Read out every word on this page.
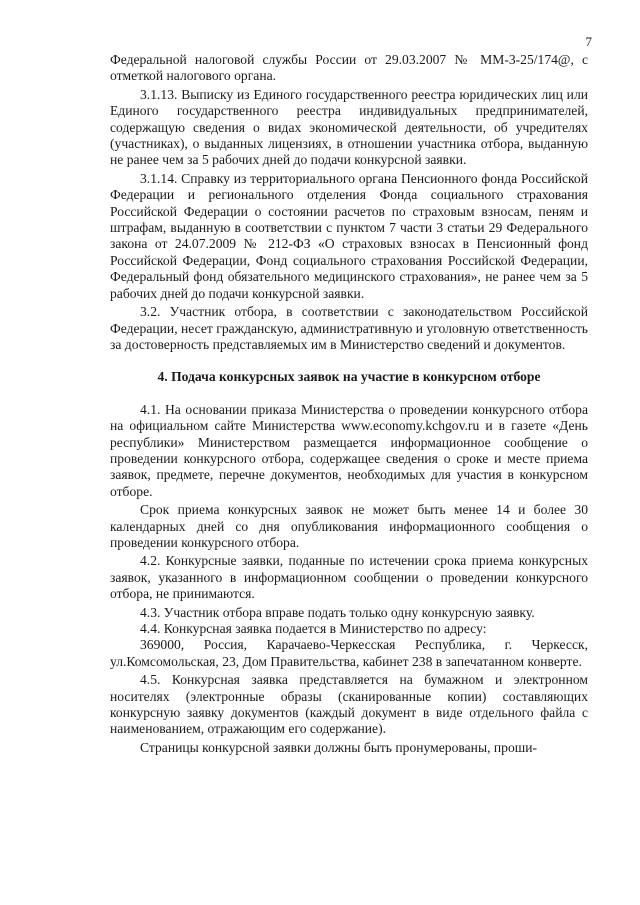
7

Федеральной налоговой службы России от 29.03.2007 № ММ-3-25/174@, с отметкой налогового органа.

3.1.13. Выписку из Единого государственного реестра юридических лиц или Единого государственного реестра индивидуальных предпринимателей, содержащую сведения о видах экономической деятельности, об учредителях (участниках), о выданных лицензиях, в отношении участника отбора, выданную не ранее чем за 5 рабочих дней до подачи конкурсной заявки.

3.1.14. Справку из территориального органа Пенсионного фонда Российской Федерации и регионального отделения Фонда социального страхования Российской Федерации о состоянии расчетов по страховым взносам, пеням и штрафам, выданную в соответствии с пунктом 7 части 3 статьи 29 Федерального закона от 24.07.2009 № 212-ФЗ «О страховых взносах в Пенсионный фонд Российской Федерации, Фонд социального страхования Российской Федерации, Федеральный фонд обязательного медицинского страхования», не ранее чем за 5 рабочих дней до подачи конкурсной заявки.

3.2. Участник отбора, в соответствии с законодательством Российской Федерации, несет гражданскую, административную и уголовную ответственность за достоверность представляемых им в Министерство сведений и документов.

4. Подача конкурсных заявок на участие в конкурсном отборе

4.1. На основании приказа Министерства о проведении конкурсного отбора на официальном сайте Министерства www.economy.kchgov.ru и в газете «День республики» Министерством размещается информационное сообщение о проведении конкурсного отбора, содержащее сведения о сроке и месте приема заявок, предмете, перечне документов, необходимых для участия в конкурсном отборе.

Срок приема конкурсных заявок не может быть менее 14 и более 30 календарных дней со дня опубликования информационного сообщения о проведении конкурсного отбора.

4.2. Конкурсные заявки, поданные по истечении срока приема конкурсных заявок, указанного в информационном сообщении о проведении конкурсного отбора, не принимаются.

4.3. Участник отбора вправе подать только одну конкурсную заявку.

4.4. Конкурсная заявка подается в Министерство по адресу:

369000, Россия, Карачаево-Черкесская Республика, г. Черкесск, ул.Комсомольская, 23, Дом Правительства, кабинет 238 в запечатанном конверте.

4.5. Конкурсная заявка представляется на бумажном и электронном носителях (электронные образы (сканированные копии) составляющих конкурсную заявку документов (каждый документ в виде отдельного файла с наименованием, отражающим его содержание).

Страницы конкурсной заявки должны быть пронумерованы, проши-
